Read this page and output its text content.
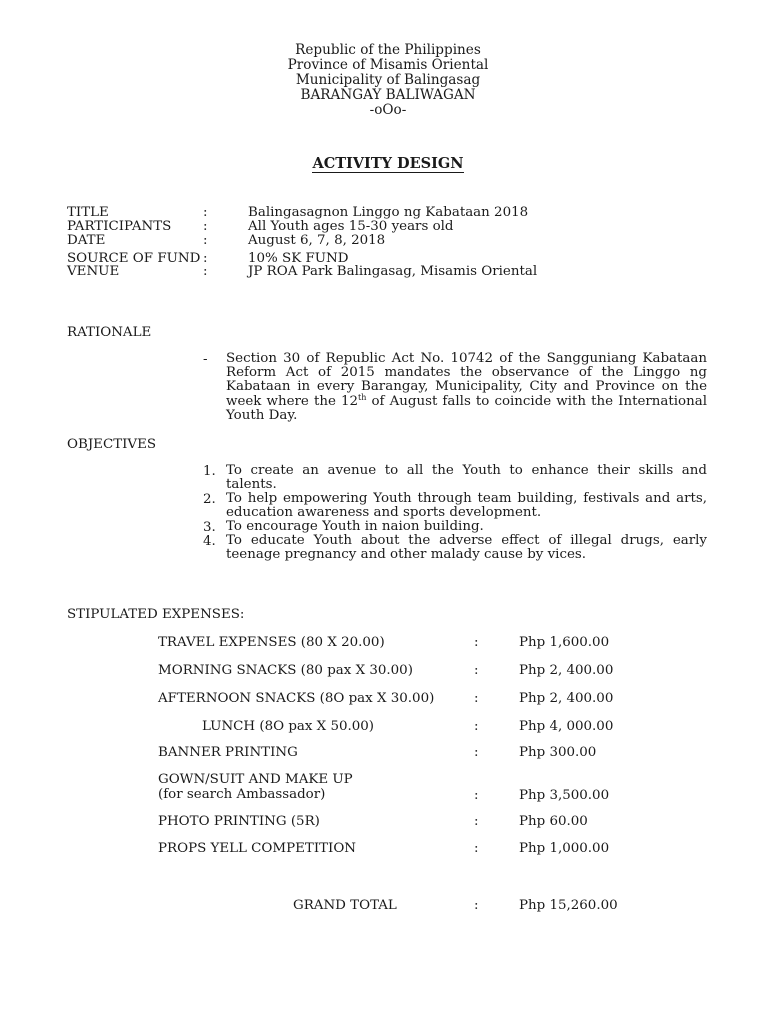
Republic of the Philippines
Province of Misamis Oriental
Municipality of Balingasag
BARANGAY BALIWAGAN
-oOo-
ACTIVITY DESIGN
TITLE	:	Balingasagnon Linggo ng Kabataan 2018
PARTICIPANTS :	All Youth ages 15-30 years old
DATE	:	August 6, 7, 8, 2018
SOURCE OF FUND :	10% SK FUND
VENUE	:	JP ROA Park Balingasag, Misamis Oriental
RATIONALE
- Section 30 of Republic Act No. 10742 of the Sangguniang Kabataan Reform Act of 2015 mandates the observance of the Linggo ng Kabataan in every Barangay, Municipality, City and Province on the week where the 12th of August falls to coincide with the International Youth Day.

OBJECTIVES
1. To create an avenue to all the Youth to enhance their skills and talents.
2. To help empowering Youth through team building, festivals and arts, education awareness and sports development.
3. To encourage Youth in naion building.
4. To educate Youth about the adverse effect of illegal drugs, early teenage pregnancy and other malady cause by vices.
STIPULATED EXPENSES:
TRAVEL EXPENSES (80 X 20.00)	:	Php 1,600.00
MORNING SNACKS (80 pax X 30.00)	:	Php 2, 400.00
AFTERNOON SNACKS (8O pax X 30.00)	:	Php 2, 400.00
LUNCH (8O pax X 50.00)	:	Php 4, 000.00
BANNER PRINTING	:	Php 300.00
GOWN/SUIT AND MAKE UP
(for search Ambassador)	:	Php 3,500.00
PHOTO PRINTING (5R)	:	Php 60.00
PROPS YELL COMPETITION	:	Php 1,000.00
GRAND TOTAL	:	Php 15,260.00
